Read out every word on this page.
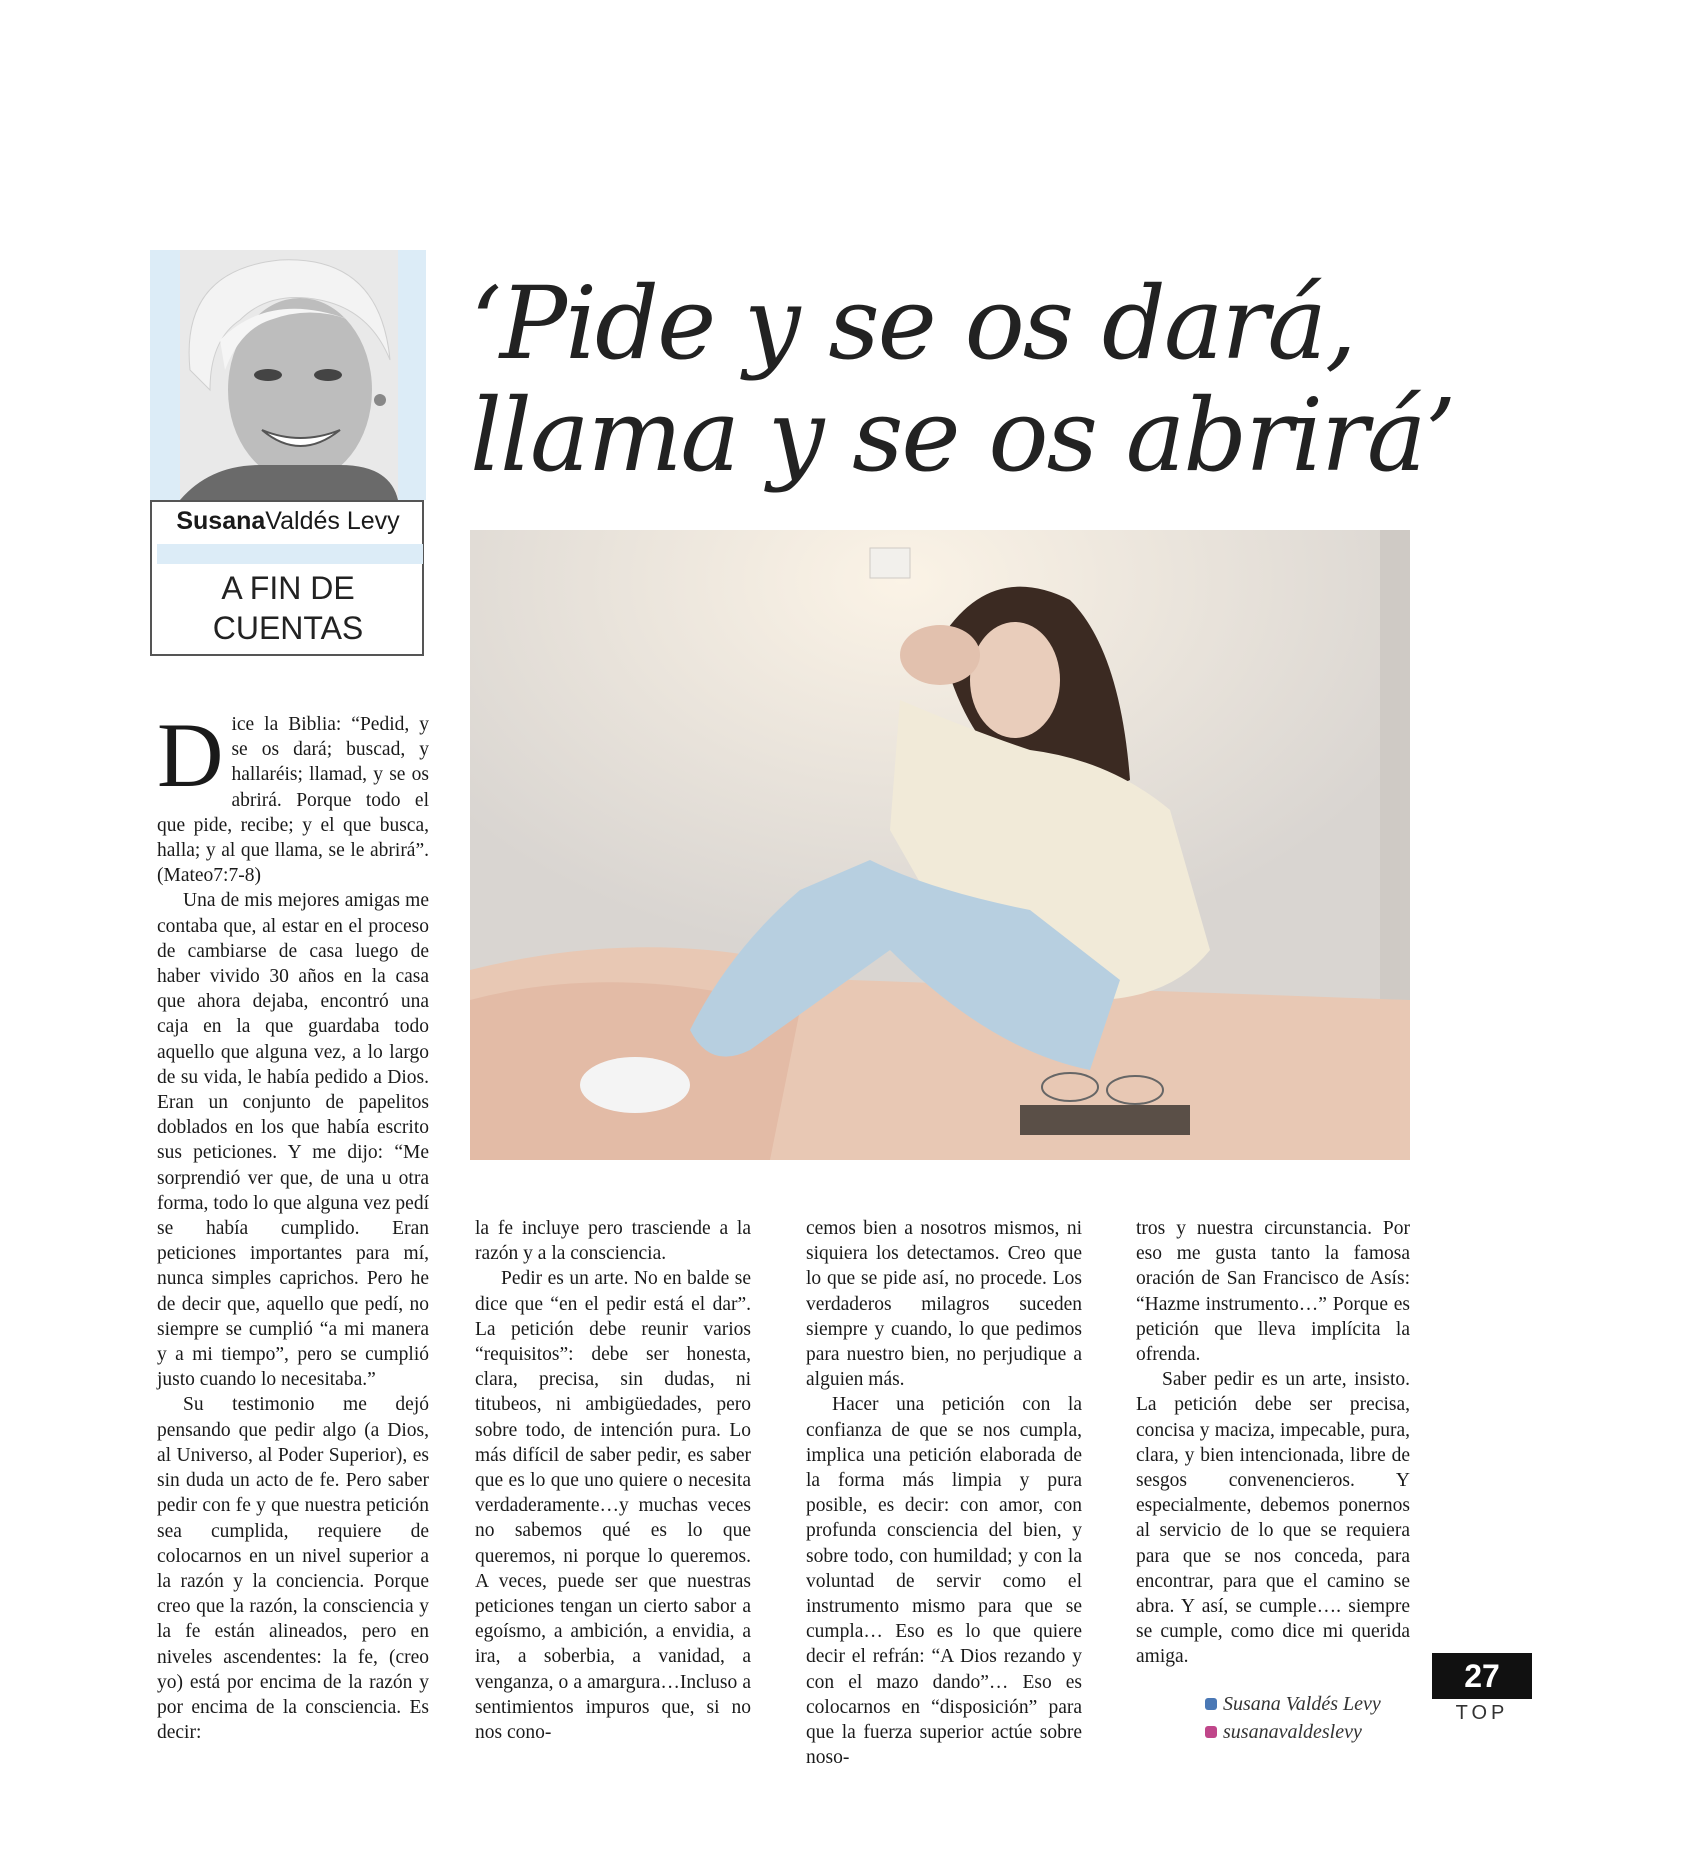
SusanaValdés Levy
A FIN DE
CUENTAS
‘Pide y se os dará,
llama y se os abrirá’

Dice la Biblia: “Pedid, y se os dará; buscad, y hallaréis; llamad, y se os abrirá. Porque todo el que pide, recibe; y el que busca, halla; y al que llama, se le abrirá”. (Mateo7:7-8)

Una de mis mejores amigas me contaba que, al estar en el proceso de cambiarse de casa luego de haber vivido 30 años en la casa que ahora dejaba, encontró una caja en la que guardaba todo aquello que alguna vez, a lo largo de su vida, le había pedido a Dios. Eran un conjunto de papelitos doblados en los que había escrito sus peticiones. Y me dijo: “Me sorprendió ver que, de una u otra forma, todo lo que alguna vez pedí se había cumplido. Eran peticiones importantes para mí, nunca simples caprichos. Pero he de decir que, aquello que pedí, no siempre se cumplió “a mi manera y a mi tiempo”, pero se cumplió justo cuando lo necesitaba.”

Su testimonio me dejó pensando que pedir algo (a Dios, al Universo, al Poder Superior), es sin duda un acto de fe. Pero saber pedir con fe y que nuestra petición sea cumplida, requiere de colocarnos en un nivel superior a la razón y la conciencia. Porque creo que la razón, la consciencia y la fe están alineados, pero en niveles ascendentes: la fe, (creo yo) está por encima de la razón y por encima de la consciencia. Es decir:

la fe incluye pero trasciende a la razón y a la consciencia.

Pedir es un arte. No en balde se dice que “en el pedir está el dar”. La petición debe reunir varios “requisitos”: debe ser honesta, clara, precisa, sin dudas, ni titubeos, ni ambigüedades, pero sobre todo, de intención pura. Lo más difícil de saber pedir, es saber que es lo que uno quiere o necesita verdaderamente…y muchas veces no sabemos qué es lo que queremos, ni porque lo queremos. A veces, puede ser que nuestras peticiones tengan un cierto sabor a egoísmo, a ambición, a envidia, a ira, a soberbia, a vanidad, a venganza, o a amargura…Incluso a sentimientos impuros que, si no nos cono-

cemos bien a nosotros mismos, ni siquiera los detectamos. Creo que lo que se pide así, no procede. Los verdaderos milagros suceden siempre y cuando, lo que pedimos para nuestro bien, no perjudique a alguien más.

Hacer una petición con la confianza de que se nos cumpla, implica una petición elaborada de la forma más limpia y pura posible, es decir: con amor, con profunda consciencia del bien, y sobre todo, con humildad; y con la voluntad de servir como el instrumento mismo para que se cumpla… Eso es lo que quiere decir el refrán: “A Dios rezando y con el mazo dando”… Eso es colocarnos en “disposición” para que la fuerza superior actúe sobre noso-

tros y nuestra circunstancia. Por eso me gusta tanto la famosa oración de San Francisco de Asís: “Hazme instrumento…” Porque es petición que lleva implícita la ofrenda.

Saber pedir es un arte, insisto. La petición debe ser precisa, concisa y maciza, impecable, pura, clara, y bien intencionada, libre de sesgos convenencieros. Y especialmente, debemos ponernos al servicio de lo que se requiera para que se nos conceda, para encontrar, para que el camino se abra. Y así, se cumple…. siempre se cumple, como dice mi querida amiga.

Susana Valdés Levy
susanavaldeslevy
27
TOP
